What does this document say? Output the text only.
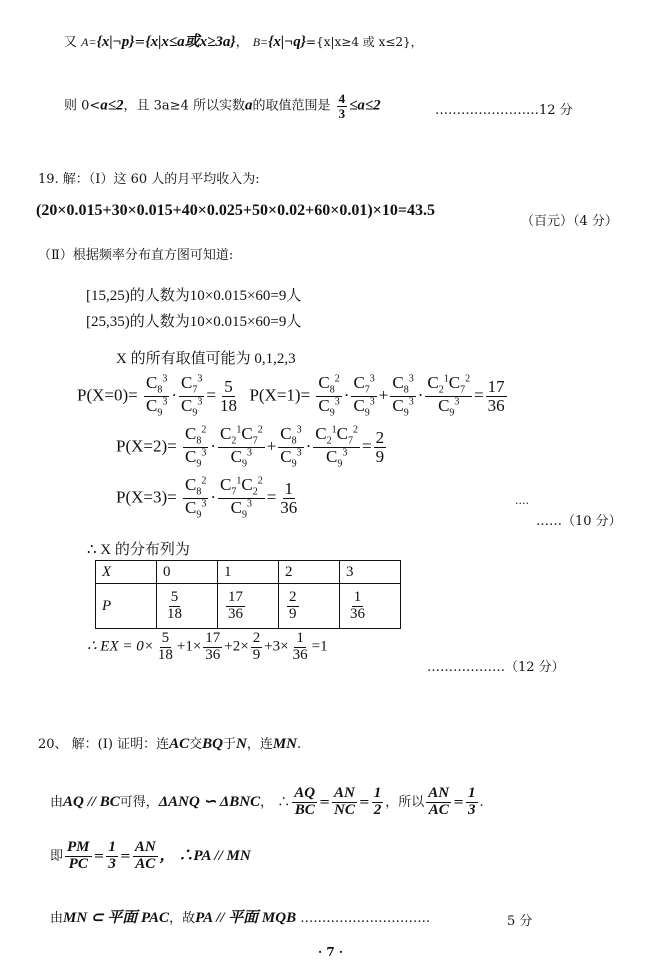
又 A={x|¬p}={x|x≤a或x≥3a}， B={x|¬q}={x|x≥4 或 x≤2}，
则 0<a≤2，且 3a≥4 所以实数a的取值范围是 $\frac{4}{3} \le a\le 2$	……………………12 分
19. 解：（Ⅰ）这 60 人的月平均收入为:
(20×0.015+30×0.015+40×0.025+50×0.02+60×0.01)×10=43.5
（百元）（4 分）
（Ⅱ）根据频率分布直方图可知道:
[15,25)的人数为10×0.015×60=9人
[25,35)的人数为10×0.015×60=9人
X 的所有取值可能为 0,1,2,3
$P(X=0)= \frac{C_8^3}{C_9^3} \cdot \frac{C_7^3}{C_9^3} = \frac{5}{18} P(X=1)= \frac{C_8^2}{C_9^3} \cdot \frac{C_7^3}{C_9^3} + \frac{C_8^3}{C_9^3} \cdot \frac{C_2^1C_7^2}{C_9^3} = \frac{17}{36}$
$P(X=2)= \frac{C_8^2}{C_9^3} \cdot \frac{C_2^1C_7^2}{C_9^3} + \frac{C_8^3}{C_9^3} \cdot \frac{C_2^1C_7^2}{C_9^3} = \frac{2}{9}$
$P(X=3)= \frac{C_8^2}{C_9^3} \cdot \frac{C_7^1C_2^2}{C_9^3} = \frac{1}{36}$	....
……（10 分）
∴ X 的分布列为
X	0	1	2	3
P	$\frac{5}{18}$	$\frac{17}{36}$	$\frac{2}{9}$	$\frac{1}{36}$
∴ EX = $0\times \frac{5}{18} +1\times \frac{17}{36} +2\times \frac{2}{9} +3\times \frac{1}{36} =1$
………………（12 分）
20、 解：(I) 证明：连AC交BQ于N，连MN.
由AQ // BC可得，ΔANQ ∽ ΔBNC， ∴ $\frac{AQ}{BC} = \frac{AN}{NC} = \frac{1}{2}$ ，所以 $\frac{AN}{AC} = \frac{1}{3}$ .
即 $\frac{PM}{PC} = \frac{1}{3} = \frac{AN}{AC}$ ， ∴PA // MN
由MN ⊂ 平面 PAC，故PA // 平面 MQB …………………………	5 分
· 7 ·
